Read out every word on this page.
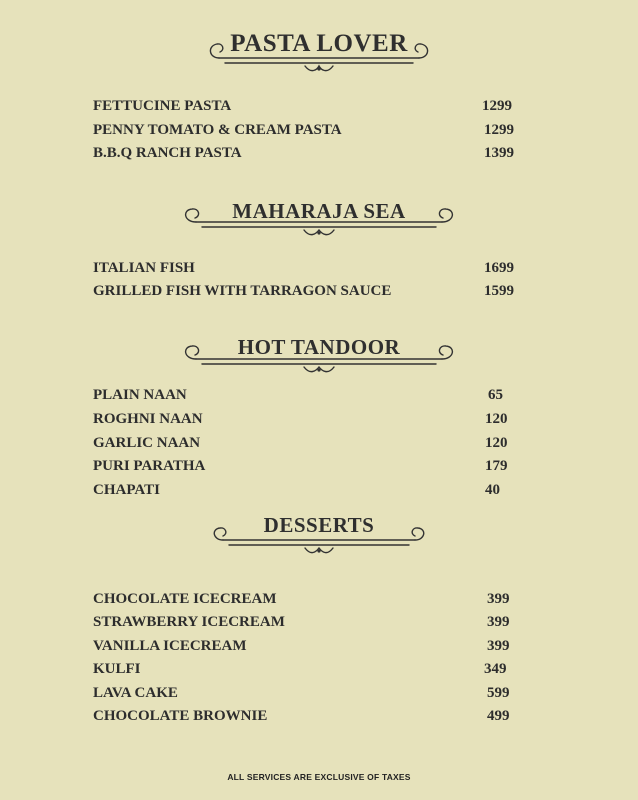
PASTA LOVER
FETTUCINE PASTA	1299
PENNY TOMATO & CREAM PASTA	1299
B.B.Q RANCH PASTA	1399
MAHARAJA SEA
ITALIAN FISH	1699
GRILLED FISH WITH TARRAGON SAUCE	1599
HOT TANDOOR
PLAIN NAAN	65
ROGHNI NAAN	120
GARLIC NAAN	120
PURI PARATHA	179
CHAPATI	40
DESSERTS
CHOCOLATE ICECREAM	399
STRAWBERRY ICECREAM	399
VANILLA ICECREAM	399
KULFI	349
LAVA CAKE	599
CHOCOLATE BROWNIE	499
ALL SERVICES ARE EXCLUSIVE OF TAXES
